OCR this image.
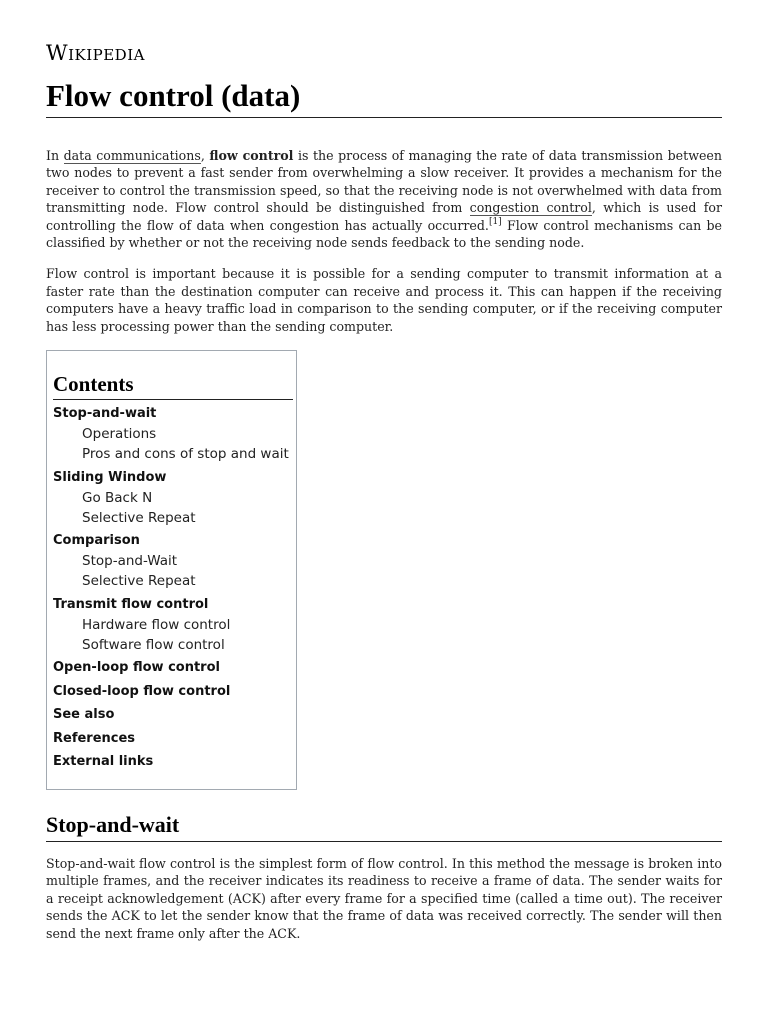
Wikipedia
Flow control (data)

In data communications, flow control is the process of managing the rate of data transmission between two nodes to prevent a fast sender from overwhelming a slow receiver. It provides a mechanism for the receiver to control the transmission speed, so that the receiving node is not overwhelmed with data from transmitting node. Flow control should be distinguished from congestion control, which is used for controlling the flow of data when congestion has actually occurred.[1] Flow control mechanisms can be classified by whether or not the receiving node sends feedback to the sending node.

Flow control is important because it is possible for a sending computer to transmit information at a faster rate than the destination computer can receive and process it. This can happen if the receiving computers have a heavy traffic load in comparison to the sending computer, or if the receiving computer has less processing power than the sending computer.

Contents
Stop-and-wait
Operations
Pros and cons of stop and wait
Sliding Window
Go Back N
Selective Repeat
Comparison
Stop-and-Wait
Selective Repeat
Transmit flow control
Hardware flow control
Software flow control
Open-loop flow control
Closed-loop flow control
See also
References
External links
Stop-and-wait

Stop-and-wait flow control is the simplest form of flow control. In this method the message is broken into multiple frames, and the receiver indicates its readiness to receive a frame of data. The sender waits for a receipt acknowledgement (ACK) after every frame for a specified time (called a time out). The receiver sends the ACK to let the sender know that the frame of data was received correctly. The sender will then send the next frame only after the ACK.
